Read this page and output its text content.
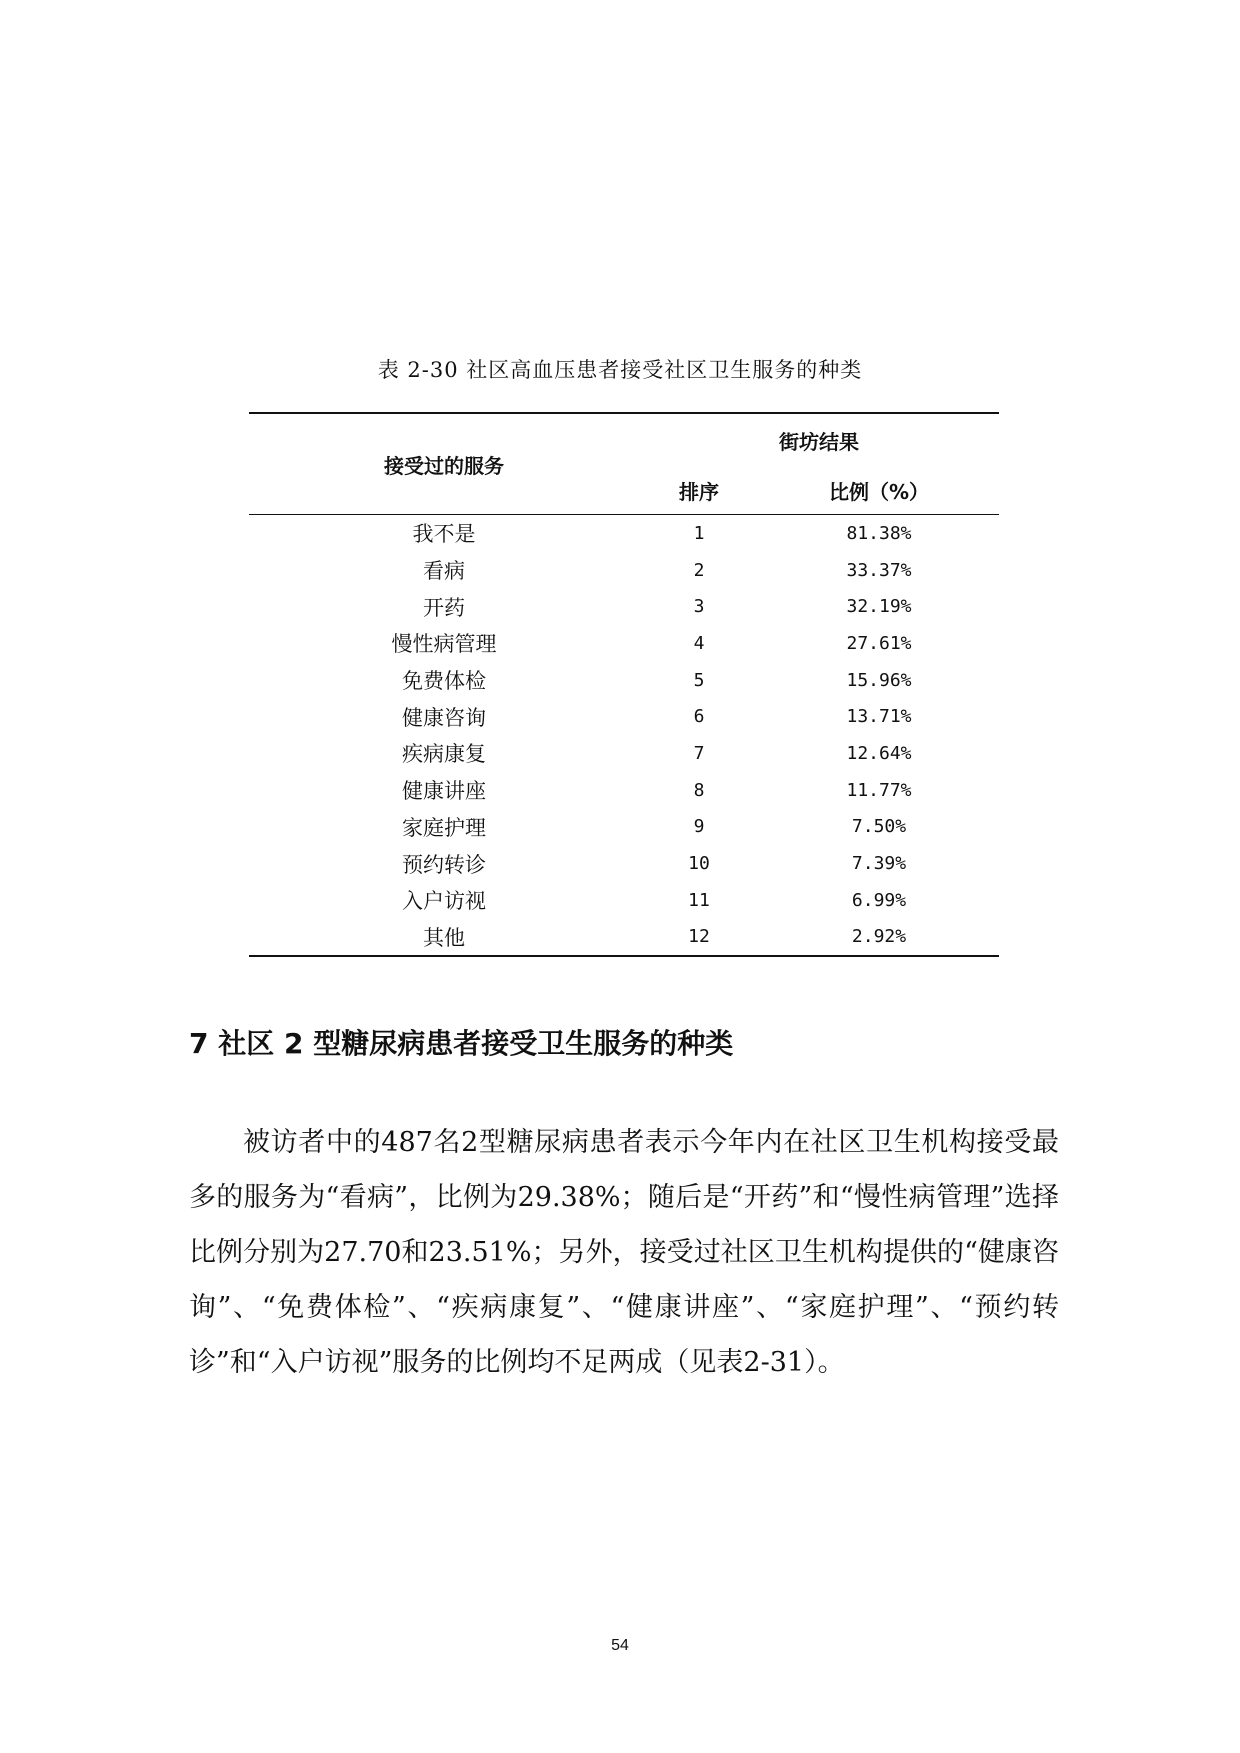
表 2-30 社区高血压患者接受社区卫生服务的种类
接受过的服务	街坊结果	
	排序	比例（%）
我不是	1	81.38%
看病	2	33.37%
开药	3	32.19%
慢性病管理	4	27.61%
免费体检	5	15.96%
健康咨询	6	13.71%
疾病康复	7	12.64%
健康讲座	8	11.77%
家庭护理	9	7.50%
预约转诊	10	7.39%
入户访视	11	6.99%
其他	12	2.92%
7 社区 2 型糖尿病患者接受卫生服务的种类

被访者中的487名2型糖尿病患者表示今年内在社区卫生机构接受最多的服务为“看病”，比例为29.38%；随后是“开药”和“慢性病管理”选择比例分别为27.70和23.51%；另外，接受过社区卫生机构提供的“健康咨询”、“免费体检”、“疾病康复”、“健康讲座”、“家庭护理”、“预约转诊”和“入户访视”服务的比例均不足两成（见表2-31）。

54
